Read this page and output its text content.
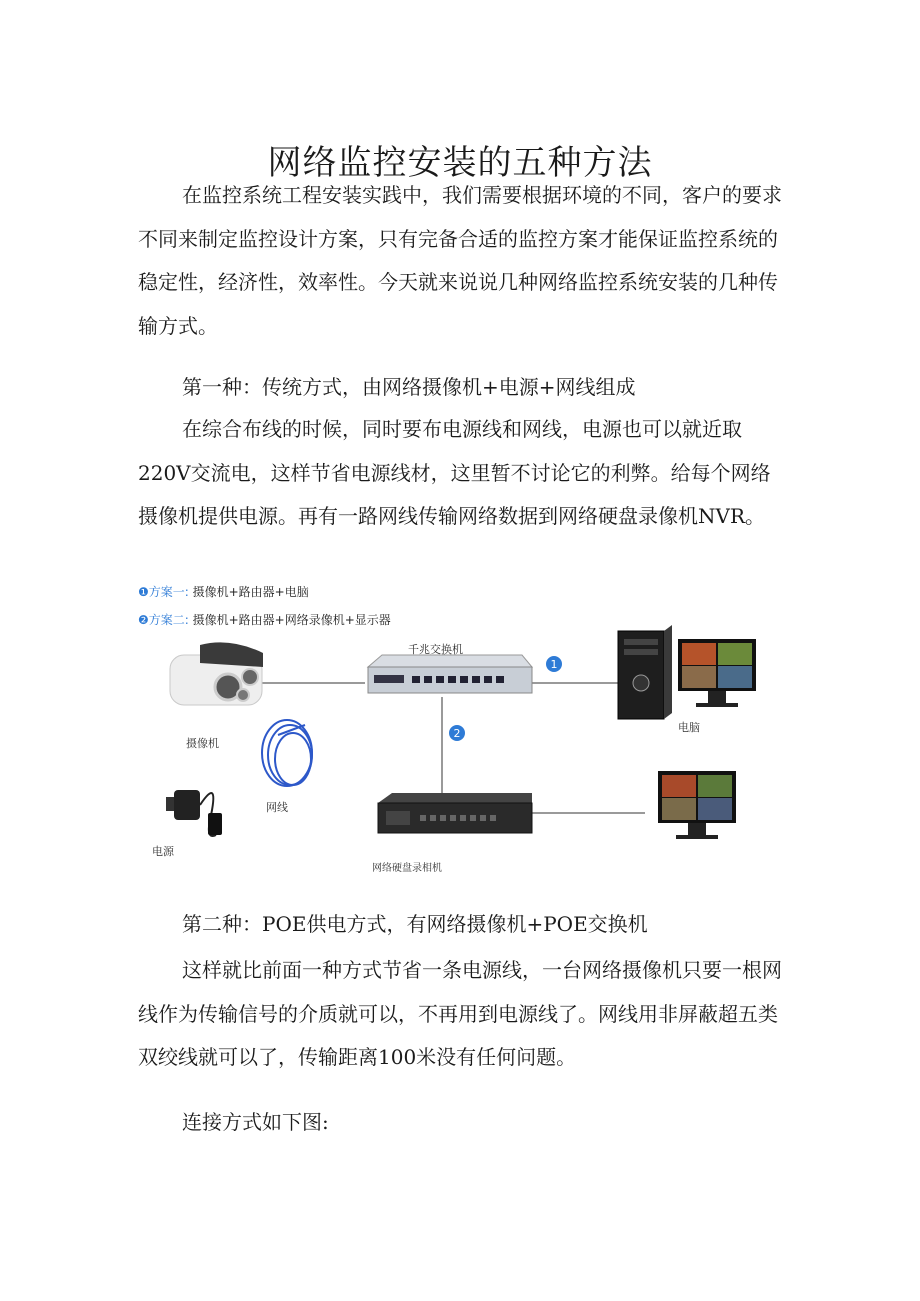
网络监控安装的五种方法

在监控系统工程安装实践中，我们需要根据环境的不同，客户的要求不同来制定监控设计方案，只有完备合适的监控方案才能保证监控系统的稳定性，经济性，效率性。今天就来说说几种网络监控系统安装的几种传输方式。

第一种：传统方式，由网络摄像机+电源+网线组成

在综合布线的时候，同时要布电源线和网线，电源也可以就近取220V交流电，这样节省电源线材，这里暂不讨论它的利弊。给每个网络摄像机提供电源。再有一路网线传输网络数据到网络硬盘录像机NVR。

1
2
❶方案一: 摄像机+路由器+电脑
❷方案二: 摄像机+路由器+网络录像机+显示器
千兆交换机
摄像机
网线
电源
电脑
网络硬盘录相机
第二种：POE供电方式，有网络摄像机+POE交换机

这样就比前面一种方式节省一条电源线，一台网络摄像机只要一根网线作为传输信号的介质就可以，不再用到电源线了。网线用非屏蔽超五类双绞线就可以了，传输距离100米没有任何问题。

连接方式如下图:
